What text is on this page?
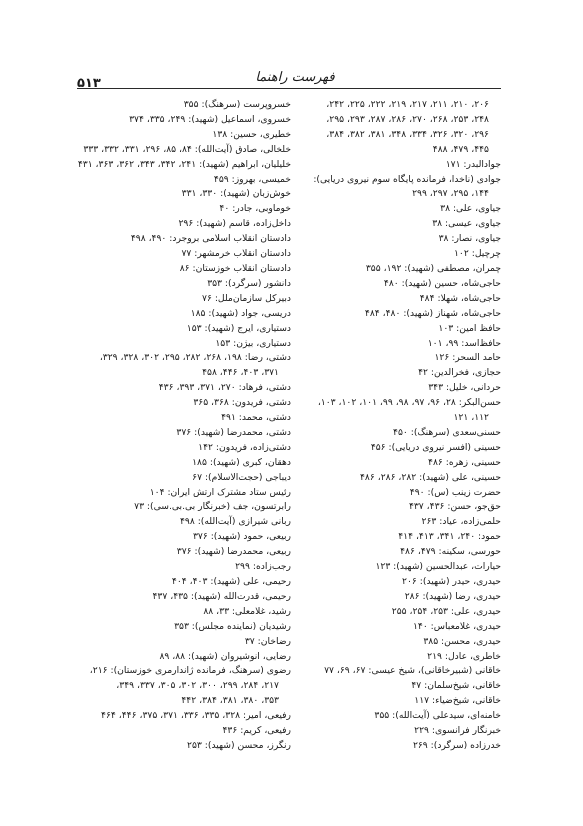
۵۱۳	فهرست راهنما
۲۰۶، ۲۱۰، ۲۱۱، ۲۱۷، ۲۱۹، ۲۲۲، ۲۲۵، ۲۴۲،
۲۴۸، ۲۵۳، ۲۶۸، ۲۷۰، ۲۸۶، ۲۸۷، ۲۹۳، ۲۹۵،
۲۹۶، ۳۲۰، ۳۲۶، ۳۳۴، ۳۴۸، ۳۸۱، ۳۸۲، ۳۸۴،
۴۴۵، ۴۷۹، ۴۸۸
جوادالبدر: ۱۷۱
جوادی (ناخدا، فرمانده پایگاه سوم نیروی دریایی):
۱۴۴، ۲۹۵، ۲۹۷، ۲۹۹
جیاوی، علی: ۳۸
جیاوی، عیسی: ۳۸
جیاوی، نصار: ۳۸
چرچیل: ۱۰۲
چمران، مصطفی (شهید): ۱۹۲، ۳۵۵
حاجی‌شاه، حسین (شهید): ۴۸۰
حاجی‌شاه، شهلا: ۴۸۴
حاجی‌شاه، شهناز (شهید): ۴۸۰، ۴۸۴
حافظ امین: ۱۰۳
حافظ‌اسد: ۹۹، ۱۰۱
حامد السحر: ۱۲۶
حجازی، فخرالدین: ۴۲
حردانی، خلیل: ۳۴۳
حسن‌البکر: ۲۸، ۹۶، ۹۷، ۹۸، ۹۹، ۱۰۱، ۱۰۲، ۱۰۳،
۱۱۲، ۱۲۱
حسنی‌سعدی (سرهنگ): ۴۵۰
حسینی (افسر نیروی دریایی): ۴۵۶
حسینی، زهره: ۴۸۶
حسینی، علی (شهید): ۲۸۲، ۲۸۶، ۴۸۶
حضرت زینب (س): ۴۹۰
حق‌جو، حسن: ۴۳۶، ۴۳۷
حلمی‌زاده، عیاد: ۲۶۳
حمود: ۲۴۰، ۳۴۱، ۴۱۳، ۴۱۴
حورسی، سکینه: ۴۷۹، ۴۸۶
حیارات، عبدالحسین (شهید): ۱۲۳
حیدری، حیدر (شهید): ۲۰۶
حیدری، رضا (شهید): ۲۸۶
حیدری، علی: ۲۵۳، ۲۵۴، ۲۵۵
حیدری، غلامعباس: ۱۴۰
حیدری، محسن: ۳۸۵
خاطری، عادل: ۲۱۹
خاقانی (شبیرخاقانی)، شیخ عیسی: ۶۷، ۶۹، ۷۷
خاقانی، شیخ‌سلمان: ۴۷
خاقانی، شیخ‌ضیاء: ۱۱۷
خامنه‌ای، سیدعلی (آیت‌الله): ۳۵۵
خبرنگار فرانسوی: ۲۲۹
خدرزاده (سرگرد): ۲۶۹
خسروپرست (سرهنگ): ۳۵۵
خسروی، اسماعیل (شهید): ۲۴۹، ۳۳۵، ۳۷۴
خطیری، حسین: ۱۳۸
خلخالی، صادق (آیت‌الله): ۸۴، ۸۵، ۲۹۶، ۳۳۱، ۳۳۲، ۳۳۳
خلیلیان، ابراهیم (شهید): ۲۴۱، ۳۴۲، ۳۴۳، ۳۶۲، ۳۶۳، ۴۳۱
خمیسی، بهروز: ۴۵۹
خوش‌زبان (شهید): ۳۳۰، ۳۳۱
خوماوبی، جادر: ۴۰
داخل‌زاده، قاسم (شهید): ۲۹۶
دادستان انقلاب اسلامی بروجرد: ۴۹۰، ۴۹۸
دادستان انقلاب خرمشهر: ۷۷
دادستان انقلاب خوزستان: ۸۶
دانشور (سرگرد): ۳۵۳
دبیرکل سازمان‌ملل: ۷۶
دریسی، جواد (شهید): ۱۸۵
دستیاری، ایرج (شهید): ۱۵۳
دستیاری، بیژن: ۱۵۳
دشتی، رضا: ۱۹۸، ۲۶۸، ۲۸۲، ۲۹۵، ۳۰۲، ۳۲۸، ۳۲۹،
۳۷۱، ۴۰۳، ۴۴۶، ۴۵۸
دشتی، فرهاد: ۲۷۰، ۳۷۱، ۳۹۳، ۴۳۶
دشتی، فریدون: ۳۶۸، ۳۶۵
دشتی، محمد: ۴۹۱
دشتی، محمدرضا (شهید): ۳۷۶
دشتی‌زاده، فریدون: ۱۴۲
دهقان، کبری (شهید): ۱۸۵
دیباجی (حجت‌الاسلام): ۶۷
رئیس ستاد مشترک ارتش ایران: ۱۰۴
رابرتسون، جف (خبرنگار بی.بی.سی): ۷۳
ربانی شیرازی (آیت‌الله): ۴۹۸
ربیعی، حمود (شهید): ۳۷۶
ربیعی، محمدرضا (شهید): ۳۷۶
رجب‌زاده: ۲۹۹
رحیمی، علی (شهید): ۴۰۳، ۴۰۴
رحیمی، قدرت‌الله (شهید): ۴۳۵، ۴۳۷
رشید، غلامعلی: ۳۳، ۸۸
رشیدیان (نماینده مجلس): ۳۵۳
رضاخان: ۳۷
رضایی، انوشیروان (شهید): ۸۸، ۸۹
رضوی (سرهنگ، فرمانده ژاندارمری خوزستان): ۲۱۶،
۲۱۷، ۲۸۴، ۲۹۹، ۳۰۰، ۳۰۲، ۳۰۵، ۳۳۷، ۳۴۹،
۳۵۳، ۳۸۰، ۳۸۱، ۳۸۴، ۴۴۲
رفیعی، امیر: ۳۲۸، ۳۳۵، ۳۳۶، ۳۷۱، ۳۷۵، ۴۴۶، ۴۶۴
رفیعی، کریم: ۴۳۶
رنگرز، محسن (شهید): ۲۵۳
